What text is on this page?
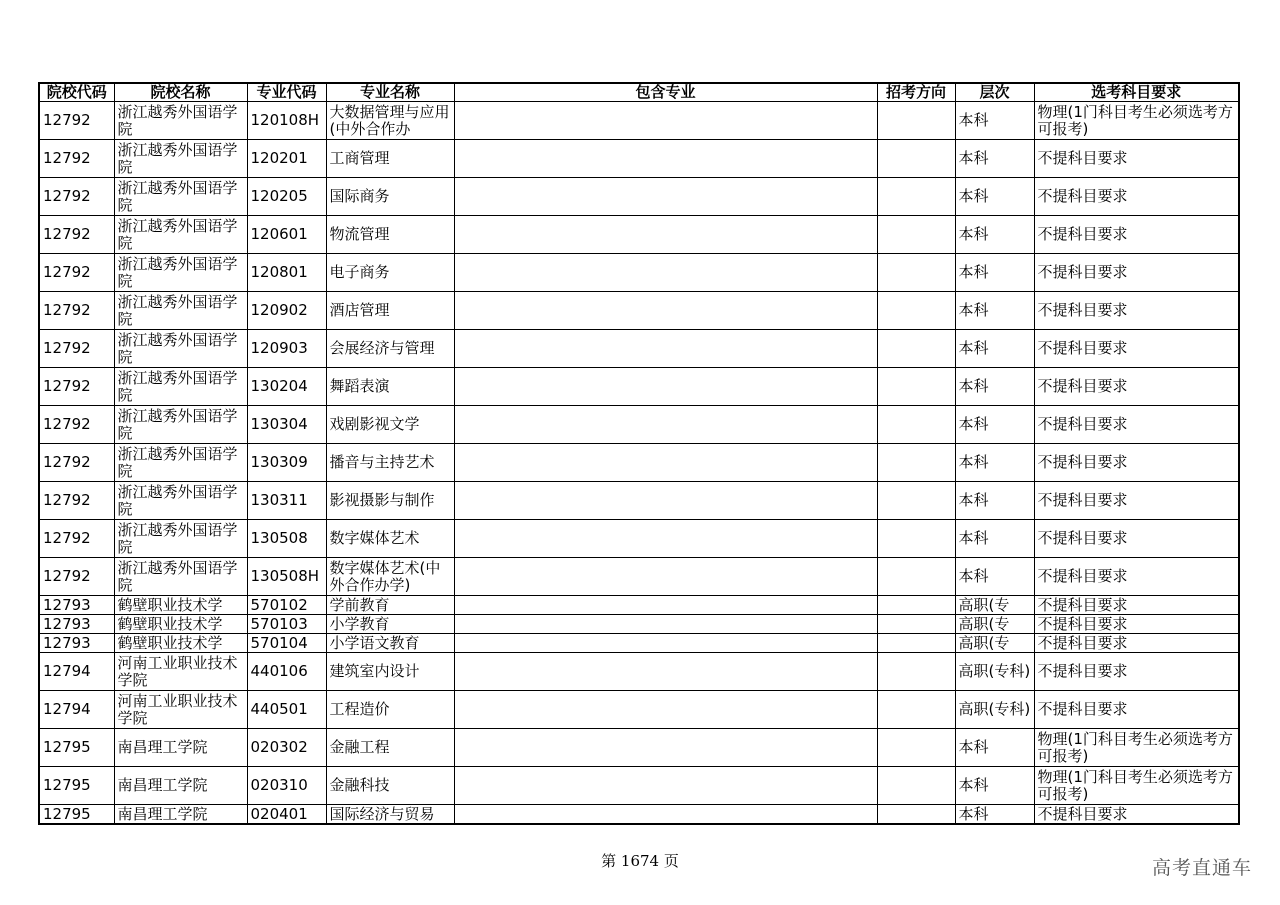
院校代码	院校名称	专业代码	专业名称	包含专业	招考方向	层次	选考科目要求
12792	浙江越秀外国语学院	120108H	大数据管理与应用(中外合作办			本科	物理(1门科目考生必须选考方可报考)
12792	浙江越秀外国语学院	120201	工商管理			本科	不提科目要求
12792	浙江越秀外国语学院	120205	国际商务			本科	不提科目要求
12792	浙江越秀外国语学院	120601	物流管理			本科	不提科目要求
12792	浙江越秀外国语学院	120801	电子商务			本科	不提科目要求
12792	浙江越秀外国语学院	120902	酒店管理			本科	不提科目要求
12792	浙江越秀外国语学院	120903	会展经济与管理			本科	不提科目要求
12792	浙江越秀外国语学院	130204	舞蹈表演			本科	不提科目要求
12792	浙江越秀外国语学院	130304	戏剧影视文学			本科	不提科目要求
12792	浙江越秀外国语学院	130309	播音与主持艺术			本科	不提科目要求
12792	浙江越秀外国语学院	130311	影视摄影与制作			本科	不提科目要求
12792	浙江越秀外国语学院	130508	数字媒体艺术			本科	不提科目要求
12792	浙江越秀外国语学院	130508H	数字媒体艺术(中外合作办学)			本科	不提科目要求
12793	鹤壁职业技术学	570102	学前教育			高职(专	不提科目要求
12793	鹤壁职业技术学	570103	小学教育			高职(专	不提科目要求
12793	鹤壁职业技术学	570104	小学语文教育			高职(专	不提科目要求
12794	河南工业职业技术学院	440106	建筑室内设计			高职(专科)	不提科目要求
12794	河南工业职业技术学院	440501	工程造价			高职(专科)	不提科目要求
12795	南昌理工学院	020302	金融工程			本科	物理(1门科目考生必须选考方可报考)
12795	南昌理工学院	020310	金融科技			本科	物理(1门科目考生必须选考方可报考)
12795	南昌理工学院	020401	国际经济与贸易			本科	不提科目要求
第 1674 页	高考直通车
